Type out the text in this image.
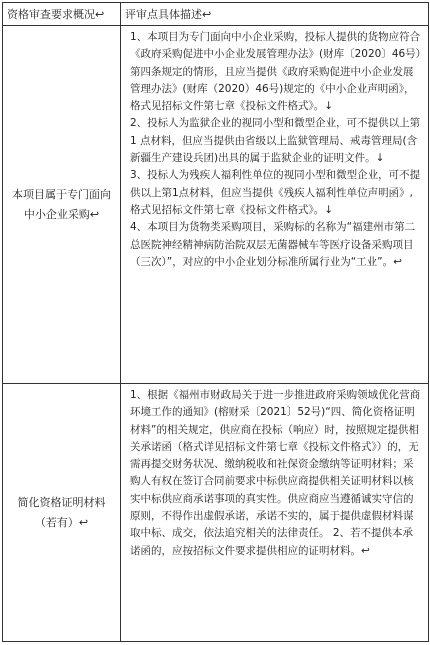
资格审查要求概况↩	评审点具体描述↩
本项目属于专门面向中小企业采购↩	1、本项目为专门面向中小企业采购，投标人提供的货物应符合《政府采购促进中小企业发展管理办法》(财库〔2020〕46号）第四条规定的情形，且应当提供《政府采购促进中小企业发展管理办法》(财库（2020）46号)规定的《中小企业声明函》，格式见招标文件第七章《投标文件格式》。↓

2、投标人为监狱企业的视同小型和微型企业，可不提供以上第 1 点材料，但应当提供由省级以上监狱管理局、戒毒管理局(含新疆生产建设兵团)出具的属于监狱企业的证明文件。↓

3、投标人为残疾人福利性单位的视同小型和微型企业，可不提供以上第1点材料，但应当提供《残疾人福利性单位声明函》,格式见招标文件第七章《投标文件格式》。↓

4、本项目为货物类采购项目，采购标的名称为“福建州市第二总医院神经精神病防治院双层无菌器械车等医疗设备采购项目（三次）”，对应的中小企业划分标准所属行业为“工业”。↩

简化资格证明材料（若有）↩	1、根据《福州市财政局关于进一步推进政府采购领域优化营商环境工作的通知》(榕财采〔2021〕52号)“四、简化资格证明材料”的相关规定，供应商在投标（响应）时，按照规定提供相关承诺函（格式详见招标文件第七章《投标文件格式》）的，无需再提交财务状况、缴纳税收和社保资金缴纳等证明材料；采购人有权在签订合同前要求中标供应商提供相关证明材料以核实中标供应商承诺事项的真实性。供应商应当遵循诚实守信的原则，不得作出虚假承诺，承诺不实的，属于提供虚假材料谋取中标、成交，依法追究相关的法律责任。 2、若不提供本承诺函的，应按招标文件要求提供相应的证明材料。↩
